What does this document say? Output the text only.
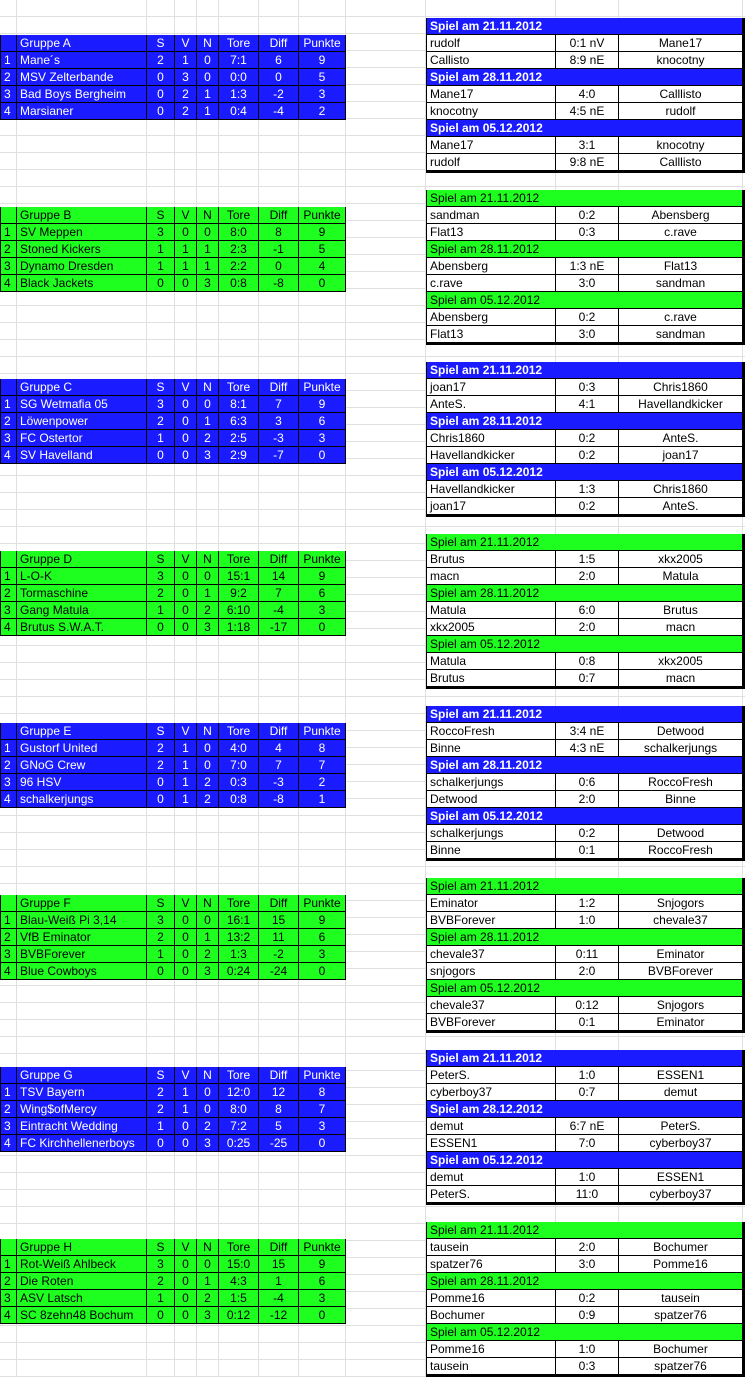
Gruppe A	S	V	N	Tore	Diff	Punkte
1 Mane´s	2	1	0	7:1	6	9
2 MSV Zelterbande	0	3	0	0:0	0	5
3 Bad Boys Bergheim	0	2	1	1:3	-2	3
4 Marsianer	0	2	1	0:4	-4	2
Spiel am 21.11.2012
rudolf	0:1 nV	Mane17
Callisto	8:9 nE	knocotny
Spiel am 28.11.2012
Mane17	4:0	Calllisto
knocotny	4:5 nE	rudolf
Spiel am 05.12.2012
Mane17	3:1	knocotny
rudolf	9:8 nE	Calllisto
Gruppe B	S	V	N	Tore	Diff	Punkte
1 SV Meppen	3	0	0	8:0	8	9
2 Stoned Kickers	1	1	1	2:3	-1	5
3 Dynamo Dresden	1	1	1	2:2	0	4
4 Black Jackets	0	0	3	0:8	-8	0
Spiel am 21.11.2012
sandman	0:2	Abensberg
Flat13	0:3	c.rave
Spiel am 28.11.2012
Abensberg	1:3 nE	Flat13
c.rave	3:0	sandman
Spiel am 05.12.2012
Abensberg	0:2	c.rave
Flat13	3:0	sandman
Gruppe C	S	V	N	Tore	Diff	Punkte
1 SG Wetmafia 05	3	0	0	8:1	7	9
2 Löwenpower	2	0	1	6:3	3	6
3 FC Ostertor	1	0	2	2:5	-3	3
4 SV Havelland	0	0	3	2:9	-7	0
Spiel am 21.11.2012
joan17	0:3	Chris1860
AnteS.	4:1	Havellandkicker
Spiel am 28.11.2012
Chris1860	0:2	AnteS.
Havellandkicker	0:2	joan17
Spiel am 05.12.2012
Havellandkicker	1:3	Chris1860
joan17	0:2	AnteS.
Gruppe D	S	V	N	Tore	Diff	Punkte
1 L-O-K	3	0	0	15:1	14	9
2 Tormaschine	2	0	1	9:2	7	6
3 Gang Matula	1	0	2	6:10	-4	3
4 Brutus S.W.A.T.	0	0	3	1:18	-17	0
Spiel am 21.11.2012
Brutus	1:5	xkx2005
macn	2:0	Matula
Spiel am 28.11.2012
Matula	6:0	Brutus
xkx2005	2:0	macn
Spiel am 05.12.2012
Matula	0:8	xkx2005
Brutus	0:7	macn
Gruppe E	S	V	N	Tore	Diff	Punkte
1 Gustorf United	2	1	0	4:0	4	8
2 GNoG Crew	2	1	0	7:0	7	7
3 96 HSV	0	1	2	0:3	-3	2
4 schalkerjungs	0	1	2	0:8	-8	1
Spiel am 21.11.2012
RoccoFresh	3:4 nE	Detwood
Binne	4:3 nE	schalkerjungs
Spiel am 28.11.2012
schalkerjungs	0:6	RoccoFresh
Detwood	2:0	Binne
Spiel am 05.12.2012
schalkerjungs	0:2	Detwood
Binne	0:1	RoccoFresh
Gruppe F	S	V	N	Tore	Diff	Punkte
1 Blau-Weiß Pi 3,14	3	0	0	16:1	15	9
2 VfB Eminator	2	0	1	13:2	11	6
3 BVBForever	1	0	2	1:3	-2	3
4 Blue Cowboys	0	0	3	0:24	-24	0
Spiel am 21.11.2012
Eminator	1:2	Snjogors
BVBForever	1:0	chevale37
Spiel am 28.11.2012
chevale37	0:11	Eminator
snjogors	2:0	BVBForever
Spiel am 05.12.2012
chevale37	0:12	Snjogors
BVBForever	0:1	Eminator
Gruppe G	S	V	N	Tore	Diff	Punkte
1 TSV Bayern	2	1	0	12:0	12	8
2 Wing$ofMercy	2	1	0	8:0	8	7
3 Eintracht Wedding	1	0	2	7:2	5	3
4 FC Kirchhellenerboys	0	0	3	0:25	-25	0
Spiel am 21.11.2012
PeterS.	1:0	ESSEN1
cyberboy37	0:7	demut
Spiel am 28.12.2012
demut	6:7 nE	PeterS.
ESSEN1	7:0	cyberboy37
Spiel am 05.12.2012
demut	1:0	ESSEN1
PeterS.	11:0	cyberboy37
Gruppe H	S	V	N	Tore	Diff	Punkte
1 Rot-Weiß Ahlbeck	3	0	0	15:0	15	9
2 Die Roten	2	0	1	4:3	1	6
3 ASV Latsch	1	0	2	1:5	-4	3
4 SC 8zehn48 Bochum	0	0	3	0:12	-12	0
Spiel am 21.11.2012
tausein	2:0	Bochumer
spatzer76	3:0	Pomme16
Spiel am 28.11.2012
Pomme16	0:2	tausein
Bochumer	0:9	spatzer76
Spiel am 05.12.2012
Pomme16	1:0	Bochumer
tausein	0:3	spatzer76
